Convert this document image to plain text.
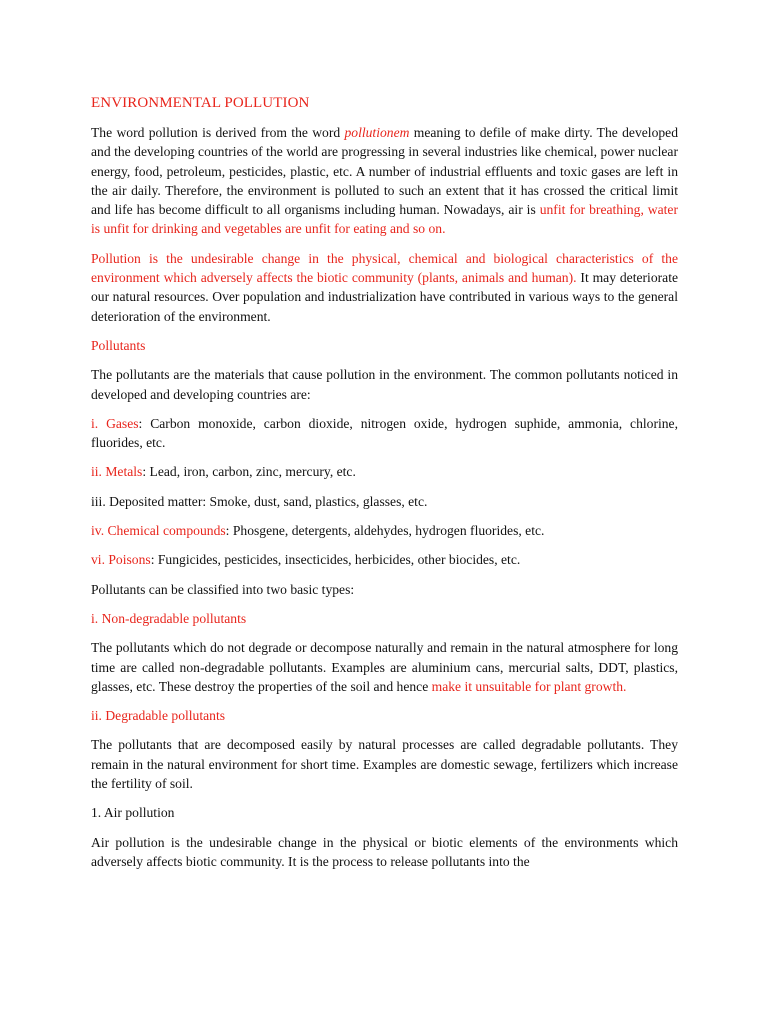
ENVIRONMENTAL POLLUTION

The word pollution is derived from the word pollutionem meaning to defile of make dirty. The developed and the developing countries of the world are progressing in several industries like chemical, power nuclear energy, food, petroleum, pesticides, plastic, etc. A number of industrial effluents and toxic gases are left in the air daily. Therefore, the environment is polluted to such an extent that it has crossed the critical limit and life has become difficult to all organisms including human. Nowadays, air is unfit for breathing, water is unfit for drinking and vegetables are unfit for eating and so on.

Pollution is the undesirable change in the physical, chemical and biological characteristics of the environment which adversely affects the biotic community (plants, animals and human). It may deteriorate our natural resources. Over population and industrialization have contributed in various ways to the general deterioration of the environment.

Pollutants

The pollutants are the materials that cause pollution in the environment. The common pollutants noticed in developed and developing countries are:

i. Gases: Carbon monoxide, carbon dioxide, nitrogen oxide, hydrogen suphide, ammonia, chlorine, fluorides, etc.

ii. Metals: Lead, iron, carbon, zinc, mercury, etc.

iii. Deposited matter: Smoke, dust, sand, plastics, glasses, etc.

iv. Chemical compounds: Phosgene, detergents, aldehydes, hydrogen fluorides, etc.

vi. Poisons: Fungicides, pesticides, insecticides, herbicides, other biocides, etc.

Pollutants can be classified into two basic types:

i. Non-degradable pollutants

The pollutants which do not degrade or decompose naturally and remain in the natural atmosphere for long time are called non-degradable pollutants. Examples are aluminium cans, mercurial salts, DDT, plastics, glasses, etc. These destroy the properties of the soil and hence make it unsuitable for plant growth.

ii. Degradable pollutants

The pollutants that are decomposed easily by natural processes are called degradable pollutants. They remain in the natural environment for short time. Examples are domestic sewage, fertilizers which increase the fertility of soil.

1. Air pollution

Air pollution is the undesirable change in the physical or biotic elements of the environments which adversely affects biotic community. It is the process to release pollutants into the
